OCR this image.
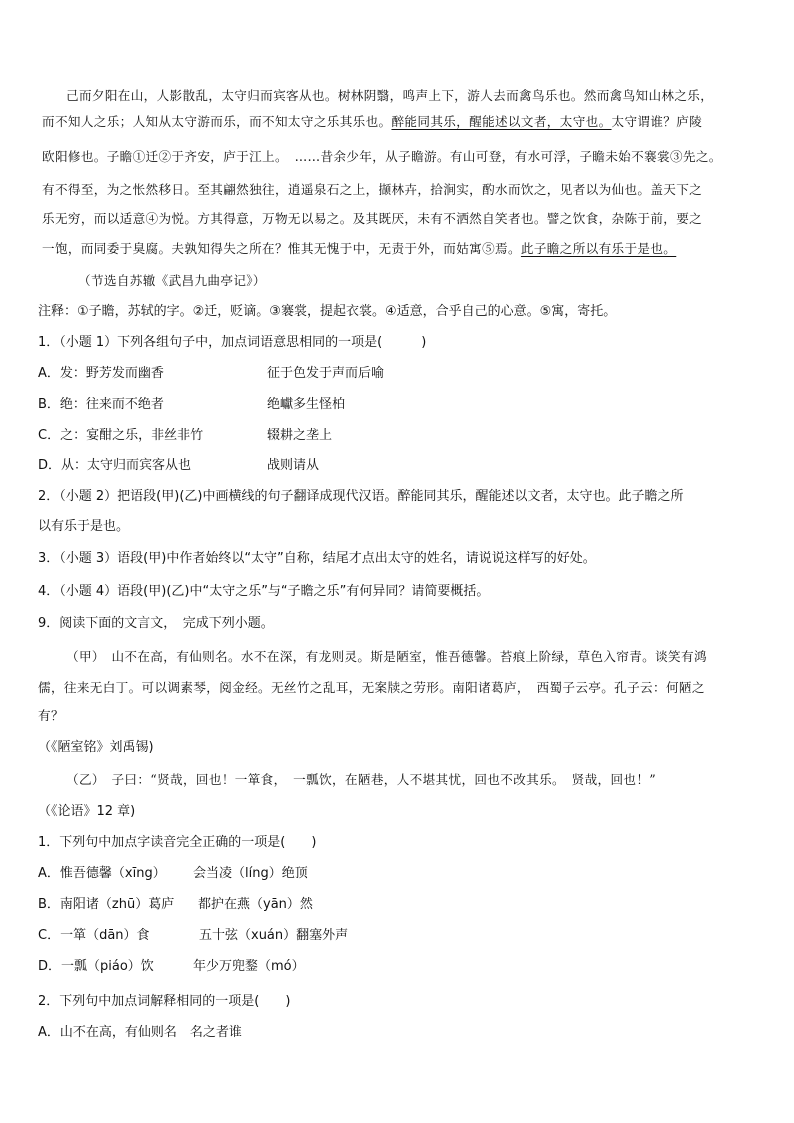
己而夕阳在山，人影散乱，太守归而宾客从也。树林阴翳，鸣声上下，游人去而禽鸟乐也。然而禽鸟知山林之乐，
而不知人之乐；人知从太守游而乐，而不知太守之乐其乐也。醉能同其乐，醒能述以文者，太守也。太守谓谁？庐陵
欧阳修也。子瞻①迁②于齐安，庐于江上。　……昔余少年，从子瞻游。有山可登，有水可浮，子瞻未始不褰裳③先之。
有不得至，为之怅然移日。至其翩然独往，逍遥泉石之上，撷林卉，拾涧实，酌水而饮之，见者以为仙也。盖天下之
乐无穷，而以适意④为悦。方其得意，万物无以易之。及其既厌，未有不洒然自笑者也。譬之饮食，杂陈于前，要之
一饱，而同委于臭腐。夫孰知得失之所在？惟其无愧于中，无责于外，而姑寓⑤焉。此子瞻之所以有乐于是也。
（节选自苏辙《武昌九曲亭记》）
注释：①子瞻，苏轼的字。②迁，贬谪。③褰裳，提起衣裳。④适意，合乎自己的心意。⑤寓，寄托。
1．（小题 1）下列各组句子中，加点词语意思相同的一项是(　　　)
A．发：野芳发而幽香	征于色发于声而后喻
B．绝：往来而不绝者	绝巘多生怪柏
C．之：宴酣之乐，非丝非竹	辍耕之垄上
D．从：太守归而宾客从也	战则请从
2．（小题 2）把语段(甲)(乙)中画横线的句子翻译成现代汉语。醉能同其乐，醒能述以文者，太守也。此子瞻之所
以有乐于是也。
3．（小题 3）语段(甲)中作者始终以“太守”自称，结尾才点出太守的姓名，请说说这样写的好处。
4．（小题 4）语段(甲)(乙)中“太守之乐”与“子瞻之乐”有何异同？请简要概括。
9．阅读下面的文言文，　完成下列小题。
（甲）　山不在高，有仙则名。水不在深，有龙则灵。斯是陋室，惟吾德馨。苔痕上阶绿，草色入帘青。谈笑有鸿
儒，往来无白丁。可以调素琴，阅金经。无丝竹之乱耳，无案牍之劳形。南阳诸葛庐，　西蜀子云亭。孔子云：何陋之
有？
（《陋室铭》刘禹锡)
（乙）　子曰：“贤哉，回也！一箪食，　一瓢饮，在陋巷，人不堪其忧，回也不改其乐。　贤哉，回也！”
（《论语》12 章)
1．下列句中加点字读音完全正确的一项是(　　)
A．惟吾德馨（xīng） 会当凌（líng）绝顶
B．南阳诸（zhū）葛庐 都护在燕（yān）然
C．一箪（dān）食	五十弦（xuán）翻塞外声
D．一瓢（piáo）饮	年少万兜鍪（mó）
2．下列句中加点词解释相同的一项是(　　)
A．山不在高，有仙则名　名之者谁
